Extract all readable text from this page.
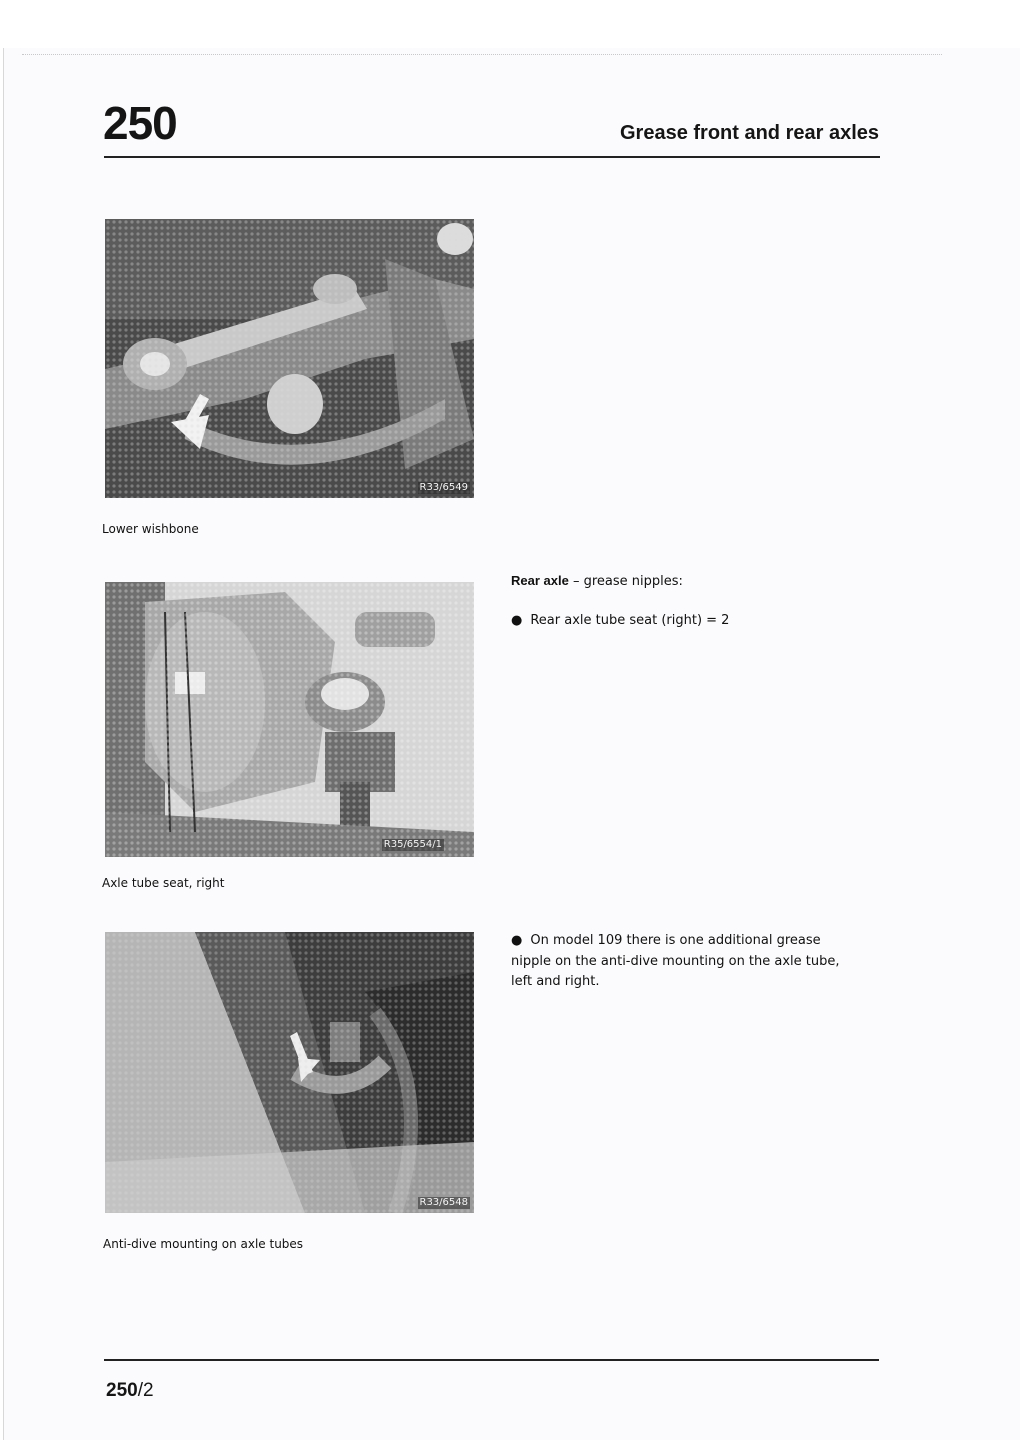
250	Grease front and rear axles
R33/6549
Lower wishbone
R35/6554/1
Axle tube seat, right
R33/6548
Anti-dive mounting on axle tubes
Rear axle – grease nipples:
● Rear axle tube seat (right) = 2
● On model 109 there is one additional grease nipple on the anti-dive mounting on the axle tube, left and right.
250/2
